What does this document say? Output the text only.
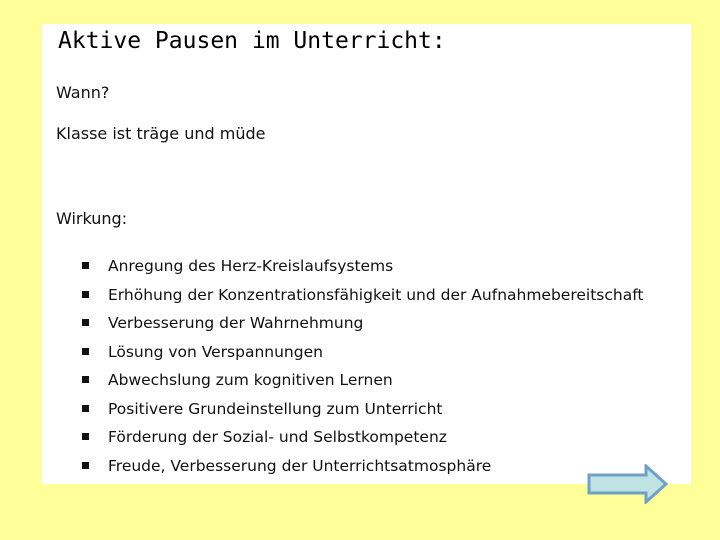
Aktive Pausen im Unterricht:

Wann?

Klasse ist träge und müde

Wirkung:

Anregung des Herz-Kreislaufsystems
Erhöhung der Konzentrationsfähigkeit und der Aufnahmebereitschaft
Verbesserung der Wahrnehmung
Lösung von Verspannungen
Abwechslung zum kognitiven Lernen
Positivere Grundeinstellung zum Unterricht
Förderung der Sozial- und Selbstkompetenz
Freude, Verbesserung der Unterrichtsatmosphäre
